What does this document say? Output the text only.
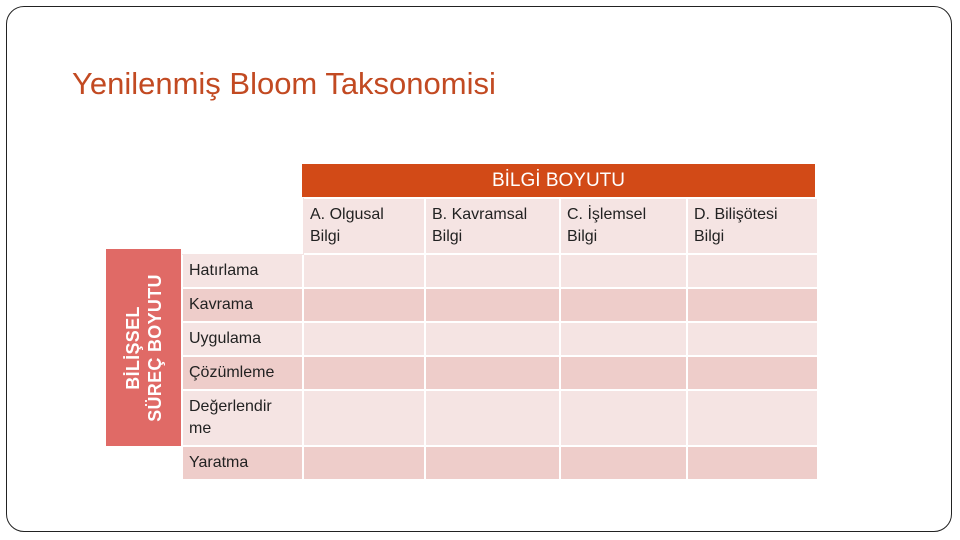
Yenilenmiş Bloom Taksonomisi
BİLGİ BOYUTU
BİLİŞSEL
SÜREÇ BOYUTU
	A. Olgusal Bilgi	B. Kavramsal Bilgi	C. İşlemsel Bilgi	D. Bilişötesi Bilgi
Hatırlama				
Kavrama				
Uygulama				
Çözümleme				
Değerlendir me				
Yaratma				
